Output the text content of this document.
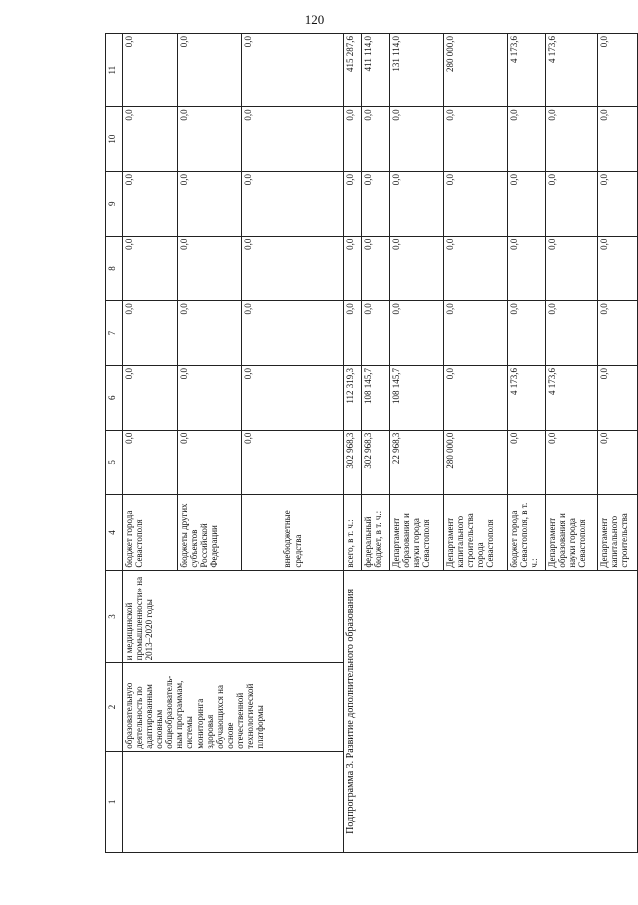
120
1	2	3	4	5	6	7	8	9	10	11
	образовательную деятельность по адаптированным основным общеобразователь-ным программам, системы мониторинга здоровья обучающихся на основе отечественной технологической платформы	и медицинской промышленности» на 2013–2020 годы	бюджет города Севастополя	0,0	0,0	0,0	0,0	0,0	0,0	0,0
			бюджеты других субъектов Российской Федерации	0,0	0,0	0,0	0,0	0,0	0,0	0,0
			внебюджетные средства	0,0	0,0	0,0	0,0	0,0	0,0	0,0
Подпрограмма 3. Развитие дополнительного образования			всего, в т. ч.:	302 968,3	112 319,3	0,0	0,0	0,0	0,0	415 287,6
			федеральный бюджет, в т. ч.:	302 968,3	108 145,7	0,0	0,0	0,0	0,0	411 114,0
			Департамент образования и науки города Севастополя	22 968,3	108 145,7	0,0	0,0	0,0	0,0	131 114,0
			Департамент капитального строительства города Севастополя	280 000,0	0,0	0,0	0,0	0,0	0,0	280 000,0
			бюджет города Севастополя, в т. ч.:	0,0	4 173,6	0,0	0,0	0,0	0,0	4 173,6
			Департамент образования и науки города Севастополя	0,0	4 173,6	0,0	0,0	0,0	0,0	4 173,6
			Департамент капитального строительства	0,0	0,0	0,0	0,0	0,0	0,0	0,0
